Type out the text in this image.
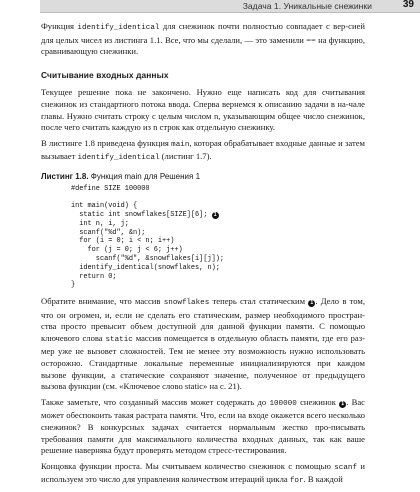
Задача 1. Уникальные снежинки	39

Функция identify_identical для снежинок почти полностью совпадает с вер-сией для целых чисел из листинга 1.1. Все, что мы сделали, — это заменили == на функцию, сравнивающую снежинки.

Считывание входных данных

Текущее решение пока не закончено. Нужно еще написать код для считывания снежинок из стандартного потока ввода. Сперва вернемся к описанию задачи в на-чале главы. Нужно считать строку с целым числом n, указывающим общее число снежинок, после чего считать каждую из n строк как отдельную снежинку.

В листинге 1.8 приведена функция main, которая обрабатывает входные данные и затем вызывает identify_identical (листинг 1.7).

Листинг 1.8. Функция main для Решения 1
#define SIZE 100000

int main(void) {
static int snowflakes[SIZE][6]; 1
int n, i, j;
scanf("%d", &n);
for (i = 0; i < n; i++)
for (j = 0; j < 6; j++)
scanf("%d", &snowflakes[i][j]);
identify_identical(snowflakes, n);
return 0;
}

Обратите внимание, что массив snowflakes теперь стал статическим 1 . Дело в том, что он огромен, и, если не сделать его статическим, размер необходимого простран-ства просто превысит объем доступной для данной функции памяти. С помощью ключевого слова static массив помещается в отдельную область памяти, где его раз-мер уже не вызовет сложностей. Тем не менее эту возможность нужно использовать осторожно. Стандартные локальные переменные инициализируются при каждом вызове функции, а статические сохраняют значение, полученное от предыдущего вызова функции (см. «Ключевое слово static» на с. 21).

Также заметьте, что созданный массив может содержать до 100000 снежинок 1 . Вас может обеспокоить такая растрата памяти. Что, если на входе окажется всего несколько снежинок? В конкурсных задачах считается нормальным жестко про-писывать требования памяти для максимального количества входных данных, так как ваше решение наверняка будут проверять методом стресс-тестирования.

Концовка функции проста. Мы считываем количество снежинок с помощью scanf и используем это число для управления количеством итераций цикла for. В каждой
